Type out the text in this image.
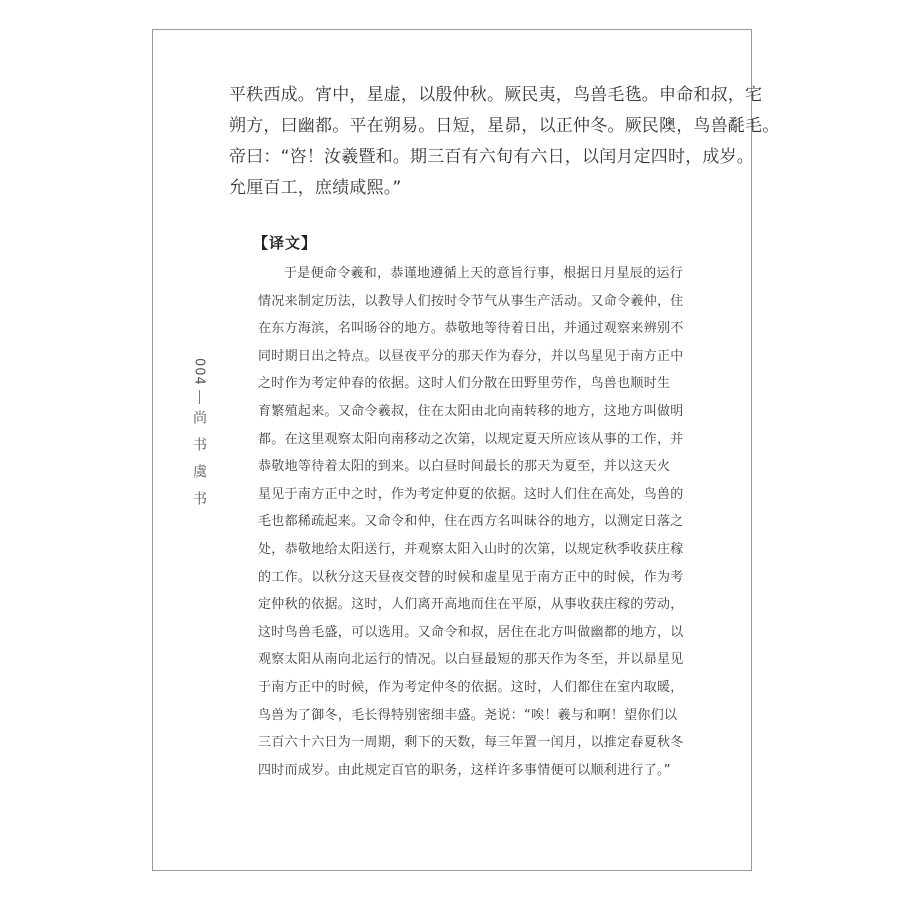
004
尚书虞书
平秩西成。宵中，星虚，以殷仲秋。厥民夷，鸟兽毛毨。申命和叔，宅
朔方，曰幽都。平在朔易。日短，星昴，以正仲冬。厥民隩，鸟兽氄毛。
帝曰：“咨！汝羲暨和。期三百有六旬有六日，以闰月定四时，成岁。
允厘百工，庶绩咸熙。”
【译文】
于是便命令羲和，恭谨地遵循上天的意旨行事，根据日月星辰的运行
情况来制定历法，以教导人们按时令节气从事生产活动。又命令羲仲，住
在东方海滨，名叫旸谷的地方。恭敬地等待着日出，并通过观察来辨别不
同时期日出之特点。以昼夜平分的那天作为春分，并以鸟星见于南方正中
之时作为考定仲春的依据。这时人们分散在田野里劳作，鸟兽也顺时生
育繁殖起来。又命令羲叔，住在太阳由北向南转移的地方，这地方叫做明
都。在这里观察太阳向南移动之次第，以规定夏天所应该从事的工作，并
恭敬地等待着太阳的到来。以白昼时间最长的那天为夏至，并以这天火
星见于南方正中之时，作为考定仲夏的依据。这时人们住在高处，鸟兽的
毛也都稀疏起来。又命令和仲，住在西方名叫昧谷的地方，以测定日落之
处，恭敬地给太阳送行，并观察太阳入山时的次第，以规定秋季收获庄稼
的工作。以秋分这天昼夜交替的时候和虚星见于南方正中的时候，作为考
定仲秋的依据。这时，人们离开高地而住在平原，从事收获庄稼的劳动，
这时鸟兽毛盛，可以选用。又命令和叔，居住在北方叫做幽都的地方，以
观察太阳从南向北运行的情况。以白昼最短的那天作为冬至，并以昴星见
于南方正中的时候，作为考定仲冬的依据。这时，人们都住在室内取暖，
鸟兽为了御冬，毛长得特别密细丰盛。尧说：“唉！羲与和啊！望你们以
三百六十六日为一周期，剩下的天数，每三年置一闰月，以推定春夏秋冬
四时而成岁。由此规定百官的职务，这样许多事情便可以顺利进行了。”
